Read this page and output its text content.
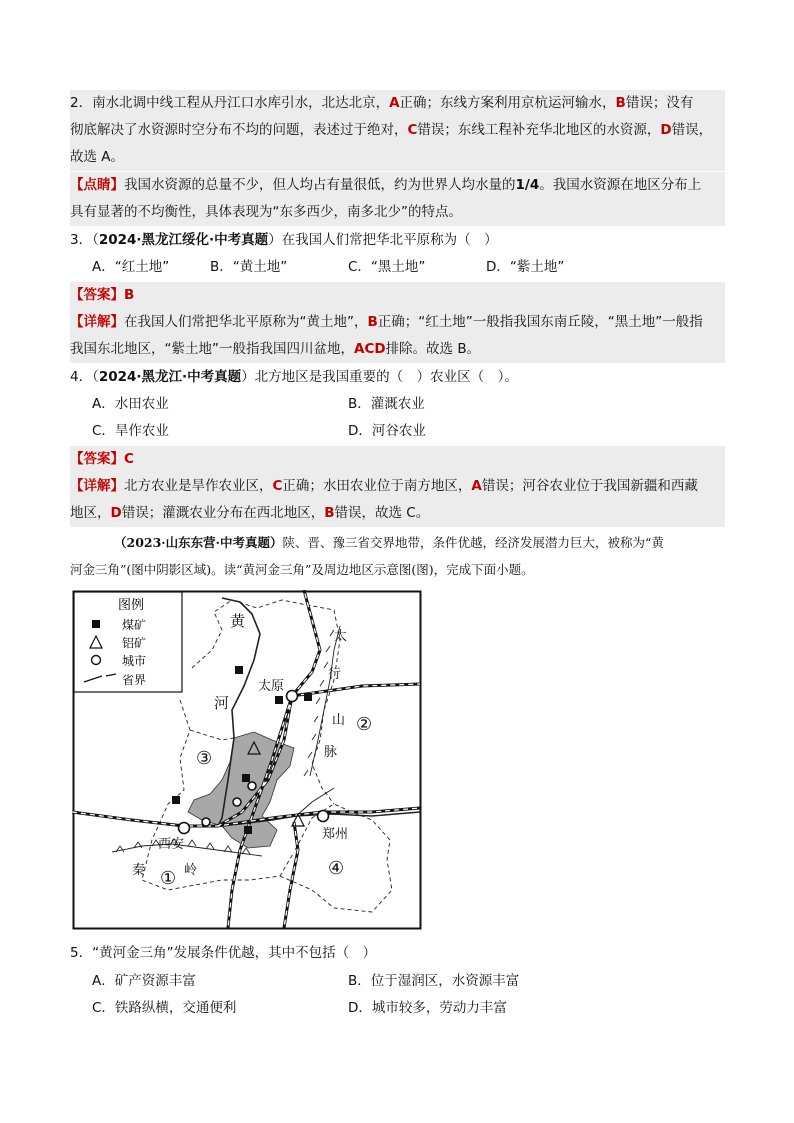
2．南水北调中线工程从丹江口水库引水，北达北京，A正确；东线方案利用京杭运河输水，B错误；没有
彻底解决了水资源时空分布不均的问题，表述过于绝对，C错误；东线工程补充华北地区的水资源，D错误，
故选 A。
【点睛】我国水资源的总量不少，但人均占有量很低，约为世界人均水量的1/4。我国水资源在地区分布上
具有显著的不均衡性，具体表现为“东多西少，南多北少”的特点。
3．（2024·黑龙江绥化·中考真题）在我国人们常把华北平原称为（　）
A．“红土地”	B．“黄土地”	C．“黑土地”	D．“紫土地”
【答案】B
【详解】在我国人们常把华北平原称为“黄土地”，B正确；“红土地”一般指我国东南丘陵，“黑土地”一般指
我国东北地区，“紫土地”一般指我国四川盆地，ACD排除。故选 B。
4．（2024·黑龙江·中考真题）北方地区是我国重要的（　）农业区（　）。
A．水田农业	B．灌溉农业
C．旱作农业	D．河谷农业
【答案】C
【详解】北方农业是旱作农业区，C正确；水田农业位于南方地区，A错误；河谷农业位于我国新疆和西藏
地区，D错误；灌溉农业分布在西北地区，B错误，故选 C。
（2023·山东东营·中考真题）陕、晋、豫三省交界地带，条件优越，经济发展潜力巨大，被称为“黄
河金三角”(图中阴影区域)。读“黄河金三角”及周边地区示意图(图)，完成下面小题。
图例
煤矿
铝矿
城市
省界
黄
河
太原
太
行
山
脉
西安
郑州
秦	岭
①
②
③
④
5．“黄河金三角”发展条件优越，其中不包括（　）
A．矿产资源丰富	B．位于湿润区，水资源丰富
C．铁路纵横，交通便利	D．城市较多，劳动力丰富
